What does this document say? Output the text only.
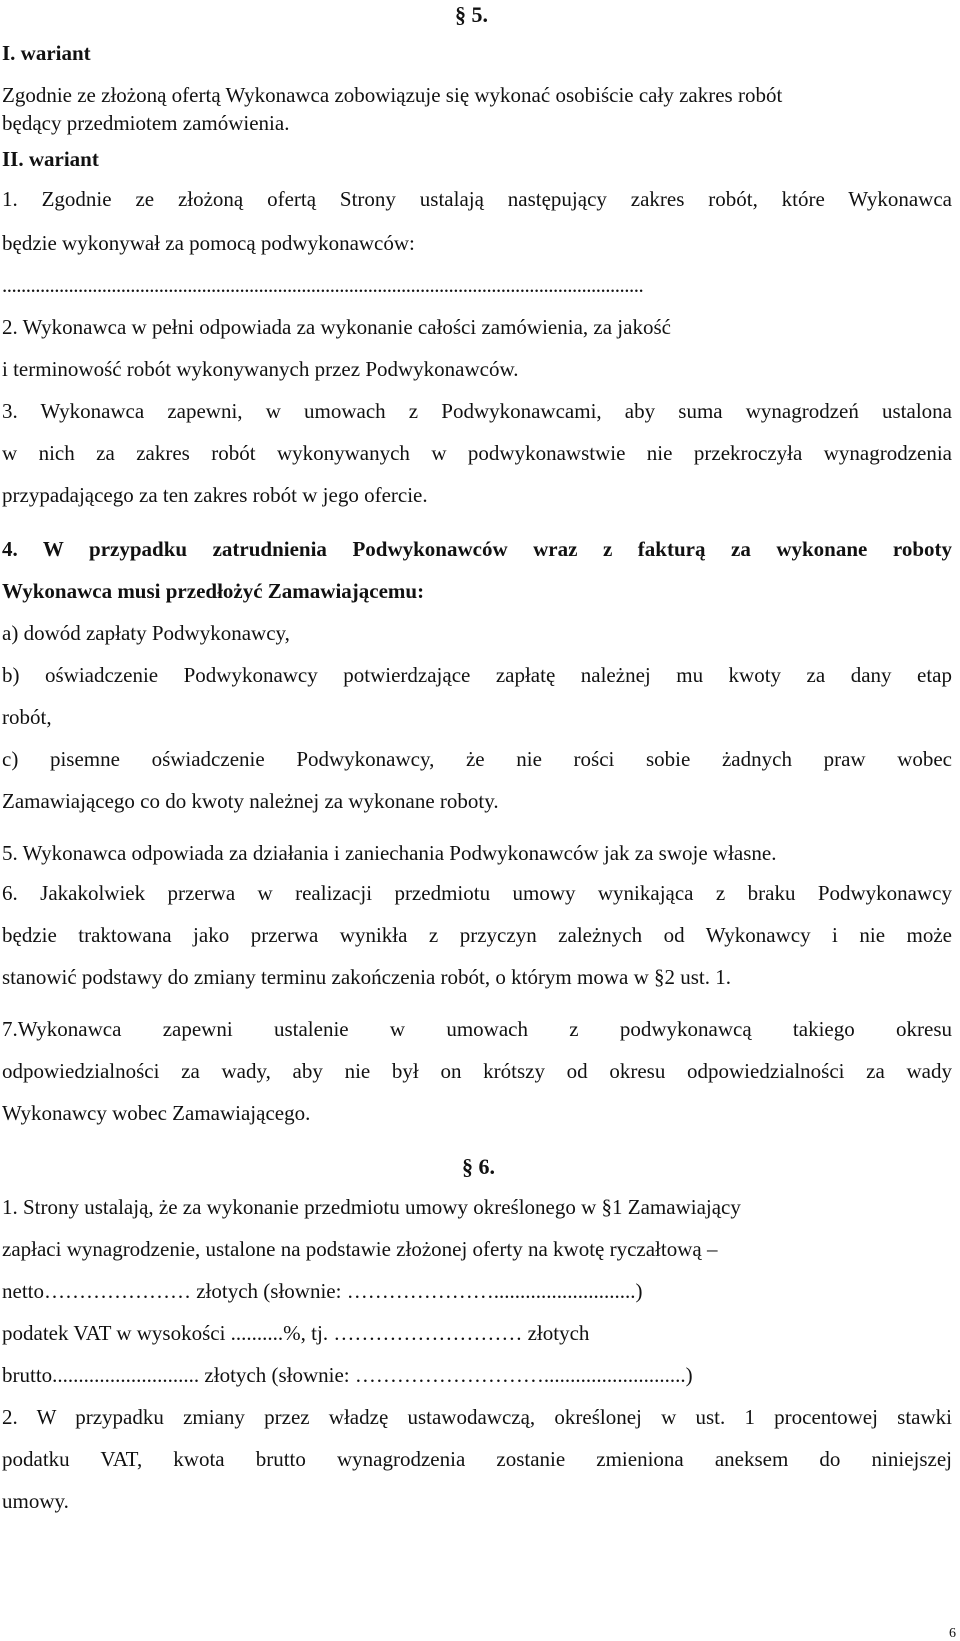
§ 5.
I. wariant
Zgodnie ze złożoną ofertą Wykonawca zobowiązuje się wykonać osobiście cały zakres robót
będący przedmiotem zamówienia.
II. wariant
1. Zgodnie ze złożoną ofertą Strony ustalają następujący zakres robót, które Wykonawca
będzie wykonywał za pomocą podwykonawców:
.......................................................................................................................................
2. Wykonawca w pełni odpowiada za wykonanie całości zamówienia, za jakość
i terminowość robót wykonywanych przez Podwykonawców.
3. Wykonawca zapewni, w umowach z Podwykonawcami, aby suma wynagrodzeń ustalona
w nich za zakres robót wykonywanych w podwykonawstwie nie przekroczyła wynagrodzenia
przypadającego za ten zakres robót w jego ofercie.
4. W przypadku zatrudnienia Podwykonawców wraz z fakturą za wykonane roboty
Wykonawca musi przedłożyć Zamawiającemu:
a) dowód zapłaty Podwykonawcy,
b) oświadczenie Podwykonawcy potwierdzające zapłatę należnej mu kwoty za dany etap
robót,
c) pisemne oświadczenie Podwykonawcy, że nie rości sobie żadnych praw wobec
Zamawiającego co do kwoty należnej za wykonane roboty.
5. Wykonawca odpowiada za działania i zaniechania Podwykonawców jak za swoje własne.
6. Jakakolwiek przerwa w realizacji przedmiotu umowy wynikająca z braku Podwykonawcy
będzie traktowana jako przerwa wynikła z przyczyn zależnych od Wykonawcy i nie może
stanowić podstawy do zmiany terminu zakończenia robót, o którym mowa w §2 ust. 1.
7.Wykonawca zapewni ustalenie w umowach z podwykonawcą takiego okresu
odpowiedzialności za wady, aby nie był on krótszy od okresu odpowiedzialności za wady
Wykonawcy wobec Zamawiającego.
§ 6.
1. Strony ustalają, że za wykonanie przedmiotu umowy określonego w §1 Zamawiający
zapłaci wynagrodzenie, ustalone na podstawie złożonej oferty na kwotę ryczałtową –
netto………………… złotych (słownie: …………………...........................)
podatek VAT w wysokości ..........%, tj. ……………………… złotych
brutto............................ złotych (słownie: ………………………...........................)
2. W przypadku zmiany przez władzę ustawodawczą, określonej w ust. 1 procentowej stawki
podatku VAT, kwota brutto wynagrodzenia zostanie zmieniona aneksem do niniejszej
umowy.
6
